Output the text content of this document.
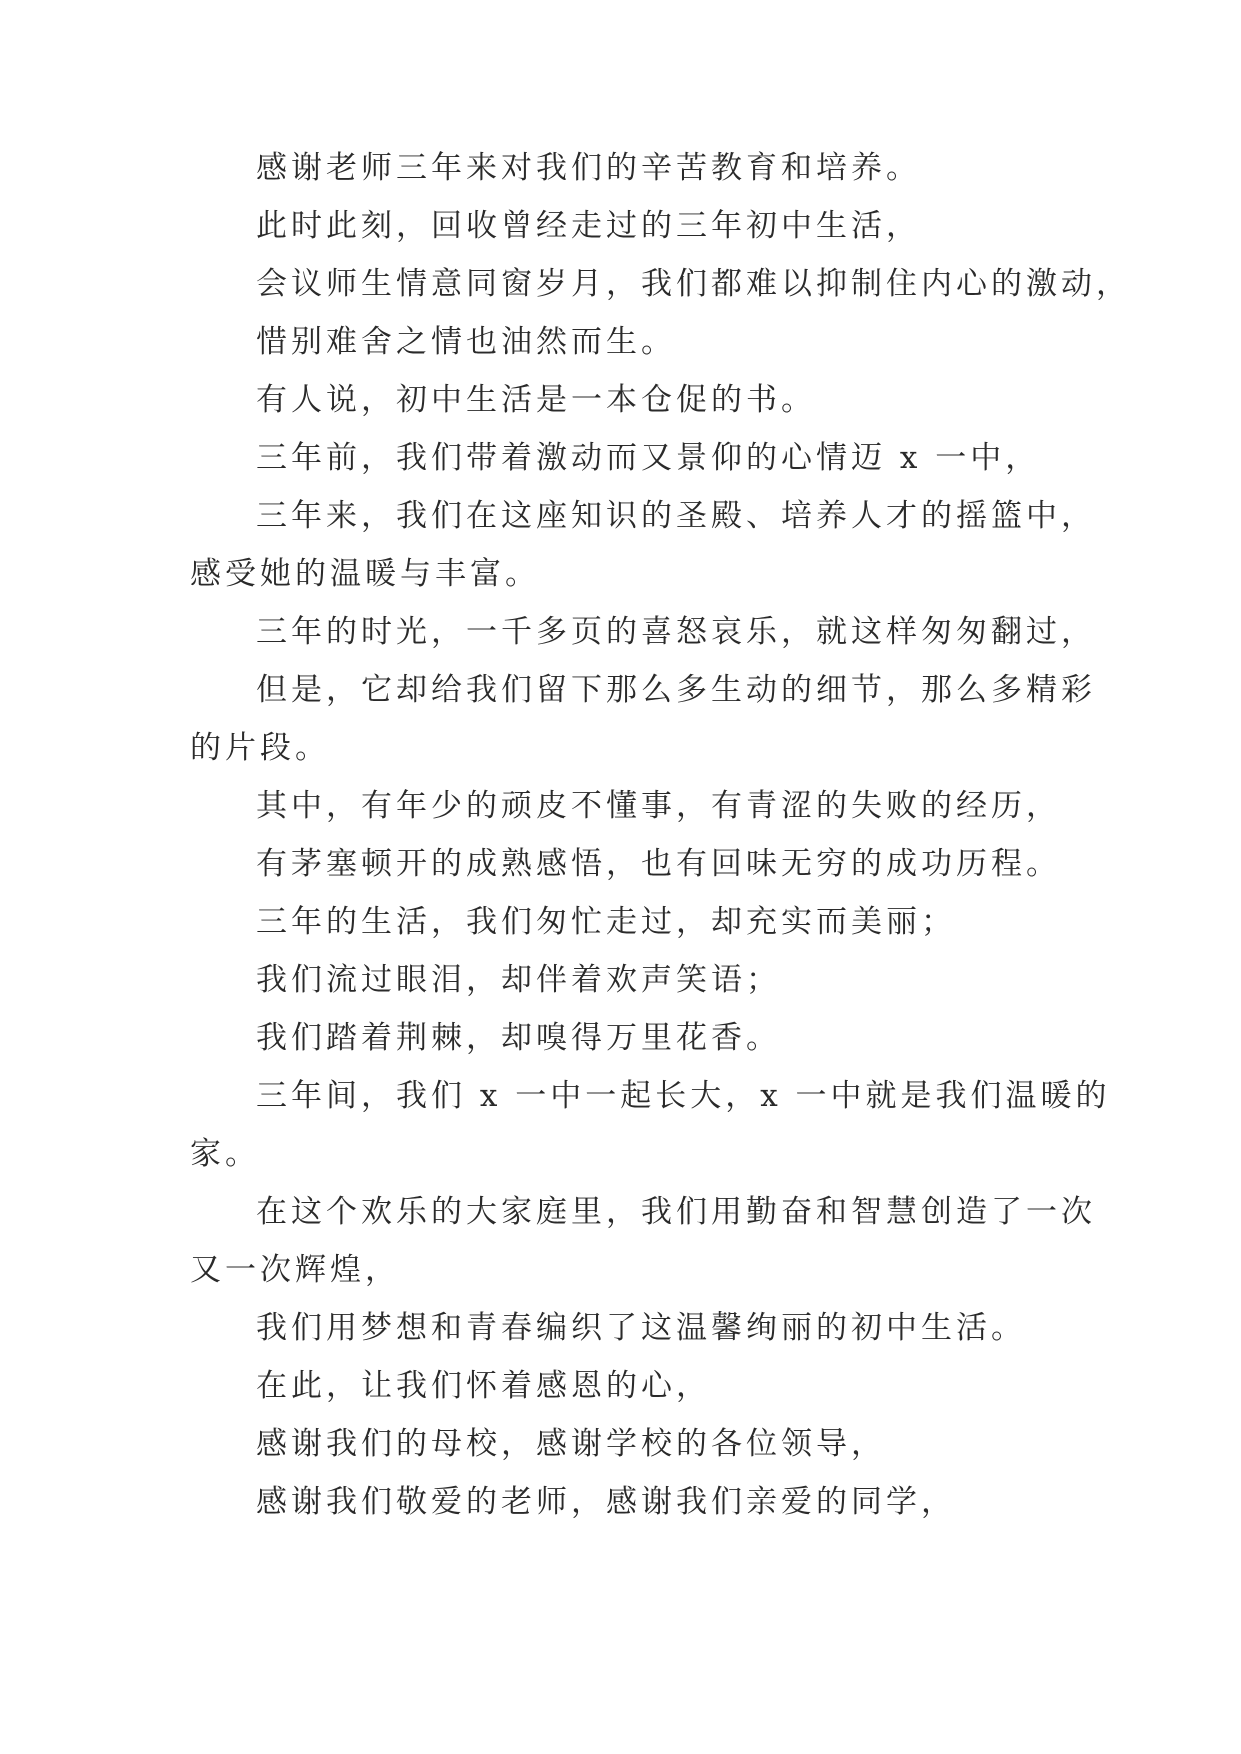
感谢老师三年来对我们的辛苦教育和培养。
此时此刻，回收曾经走过的三年初中生活，
会议师生情意同窗岁月，我们都难以抑制住内心的激动，
惜别难舍之情也油然而生。
有人说，初中生活是一本仓促的书。
三年前，我们带着激动而又景仰的心情迈 x 一中，
三年来，我们在这座知识的圣殿、培养人才的摇篮中，
感受她的温暖与丰富。
三年的时光，一千多页的喜怒哀乐，就这样匆匆翻过，
但是，它却给我们留下那么多生动的细节，那么多精彩
的片段。
其中，有年少的顽皮不懂事，有青涩的失败的经历，
有茅塞顿开的成熟感悟，也有回味无穷的成功历程。
三年的生活，我们匆忙走过，却充实而美丽；
我们流过眼泪，却伴着欢声笑语；
我们踏着荆棘，却嗅得万里花香。
三年间，我们 x 一中一起长大，x 一中就是我们温暖的
家。
在这个欢乐的大家庭里，我们用勤奋和智慧创造了一次
又一次辉煌，
我们用梦想和青春编织了这温馨绚丽的初中生活。
在此，让我们怀着感恩的心，
感谢我们的母校，感谢学校的各位领导，
感谢我们敬爱的老师，感谢我们亲爱的同学，
